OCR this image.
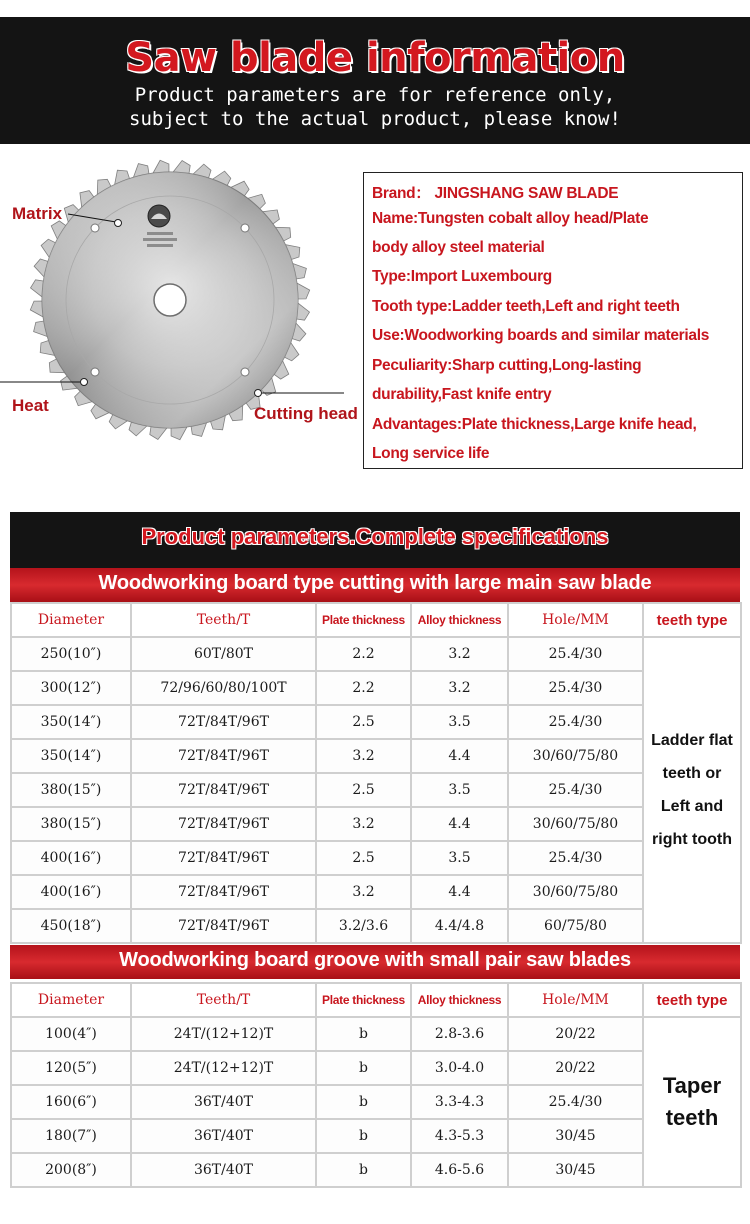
Saw blade information
Product parameters are for reference only,
subject to the actual product, please know!
Matrix
Heat	Cutting head
Brand： JINGSHANG SAW BLADE
Name:Tungsten cobalt alloy head/Plate
body alloy steel material
Type:Import Luxembourg
Tooth type:Ladder teeth,Left and right teeth
Use:Woodworking boards and similar materials
Peculiarity:Sharp cutting,Long-lasting
durability,Fast knife entry
Advantages:Plate thickness,Large knife head,
Long service life
Product parameters.Complete specifications
Woodworking board type cutting with large main saw blade
Diameter	Teeth/T	Plate thickness	Alloy thickness	Hole/MM	teeth type
250(10″)	60T/80T	2.2	3.2	25.4/30	Ladder flat
teeth or
Left and
right tooth

300(12″)	72/96/60/80/100T	2.2	3.2	25.4/30	
350(14″)	72T/84T/96T	2.5	3.5	25.4/30	
350(14″)	72T/84T/96T	3.2	4.4	30/60/75/80	
380(15″)	72T/84T/96T	2.5	3.5	25.4/30	
380(15″)	72T/84T/96T	3.2	4.4	30/60/75/80	
400(16″)	72T/84T/96T	2.5	3.5	25.4/30	
400(16″)	72T/84T/96T	3.2	4.4	30/60/75/80	
450(18″)	72T/84T/96T	3.2/3.6	4.4/4.8	60/75/80	
Woodworking board groove with small pair saw blades
Diameter	Teeth/T	Plate thickness	Alloy thickness	Hole/MM	teeth type
100(4″)	24T/(12+12)T	b	2.8-3.6	20/22	Taper
teeth

120(5″)	24T/(12+12)T	b	3.0-4.0	20/22	
160(6″)	36T/40T	b	3.3-4.3	25.4/30	
180(7″)	36T/40T	b	4.3-5.3	30/45	
200(8″)	36T/40T	b	4.6-5.6	30/45	
